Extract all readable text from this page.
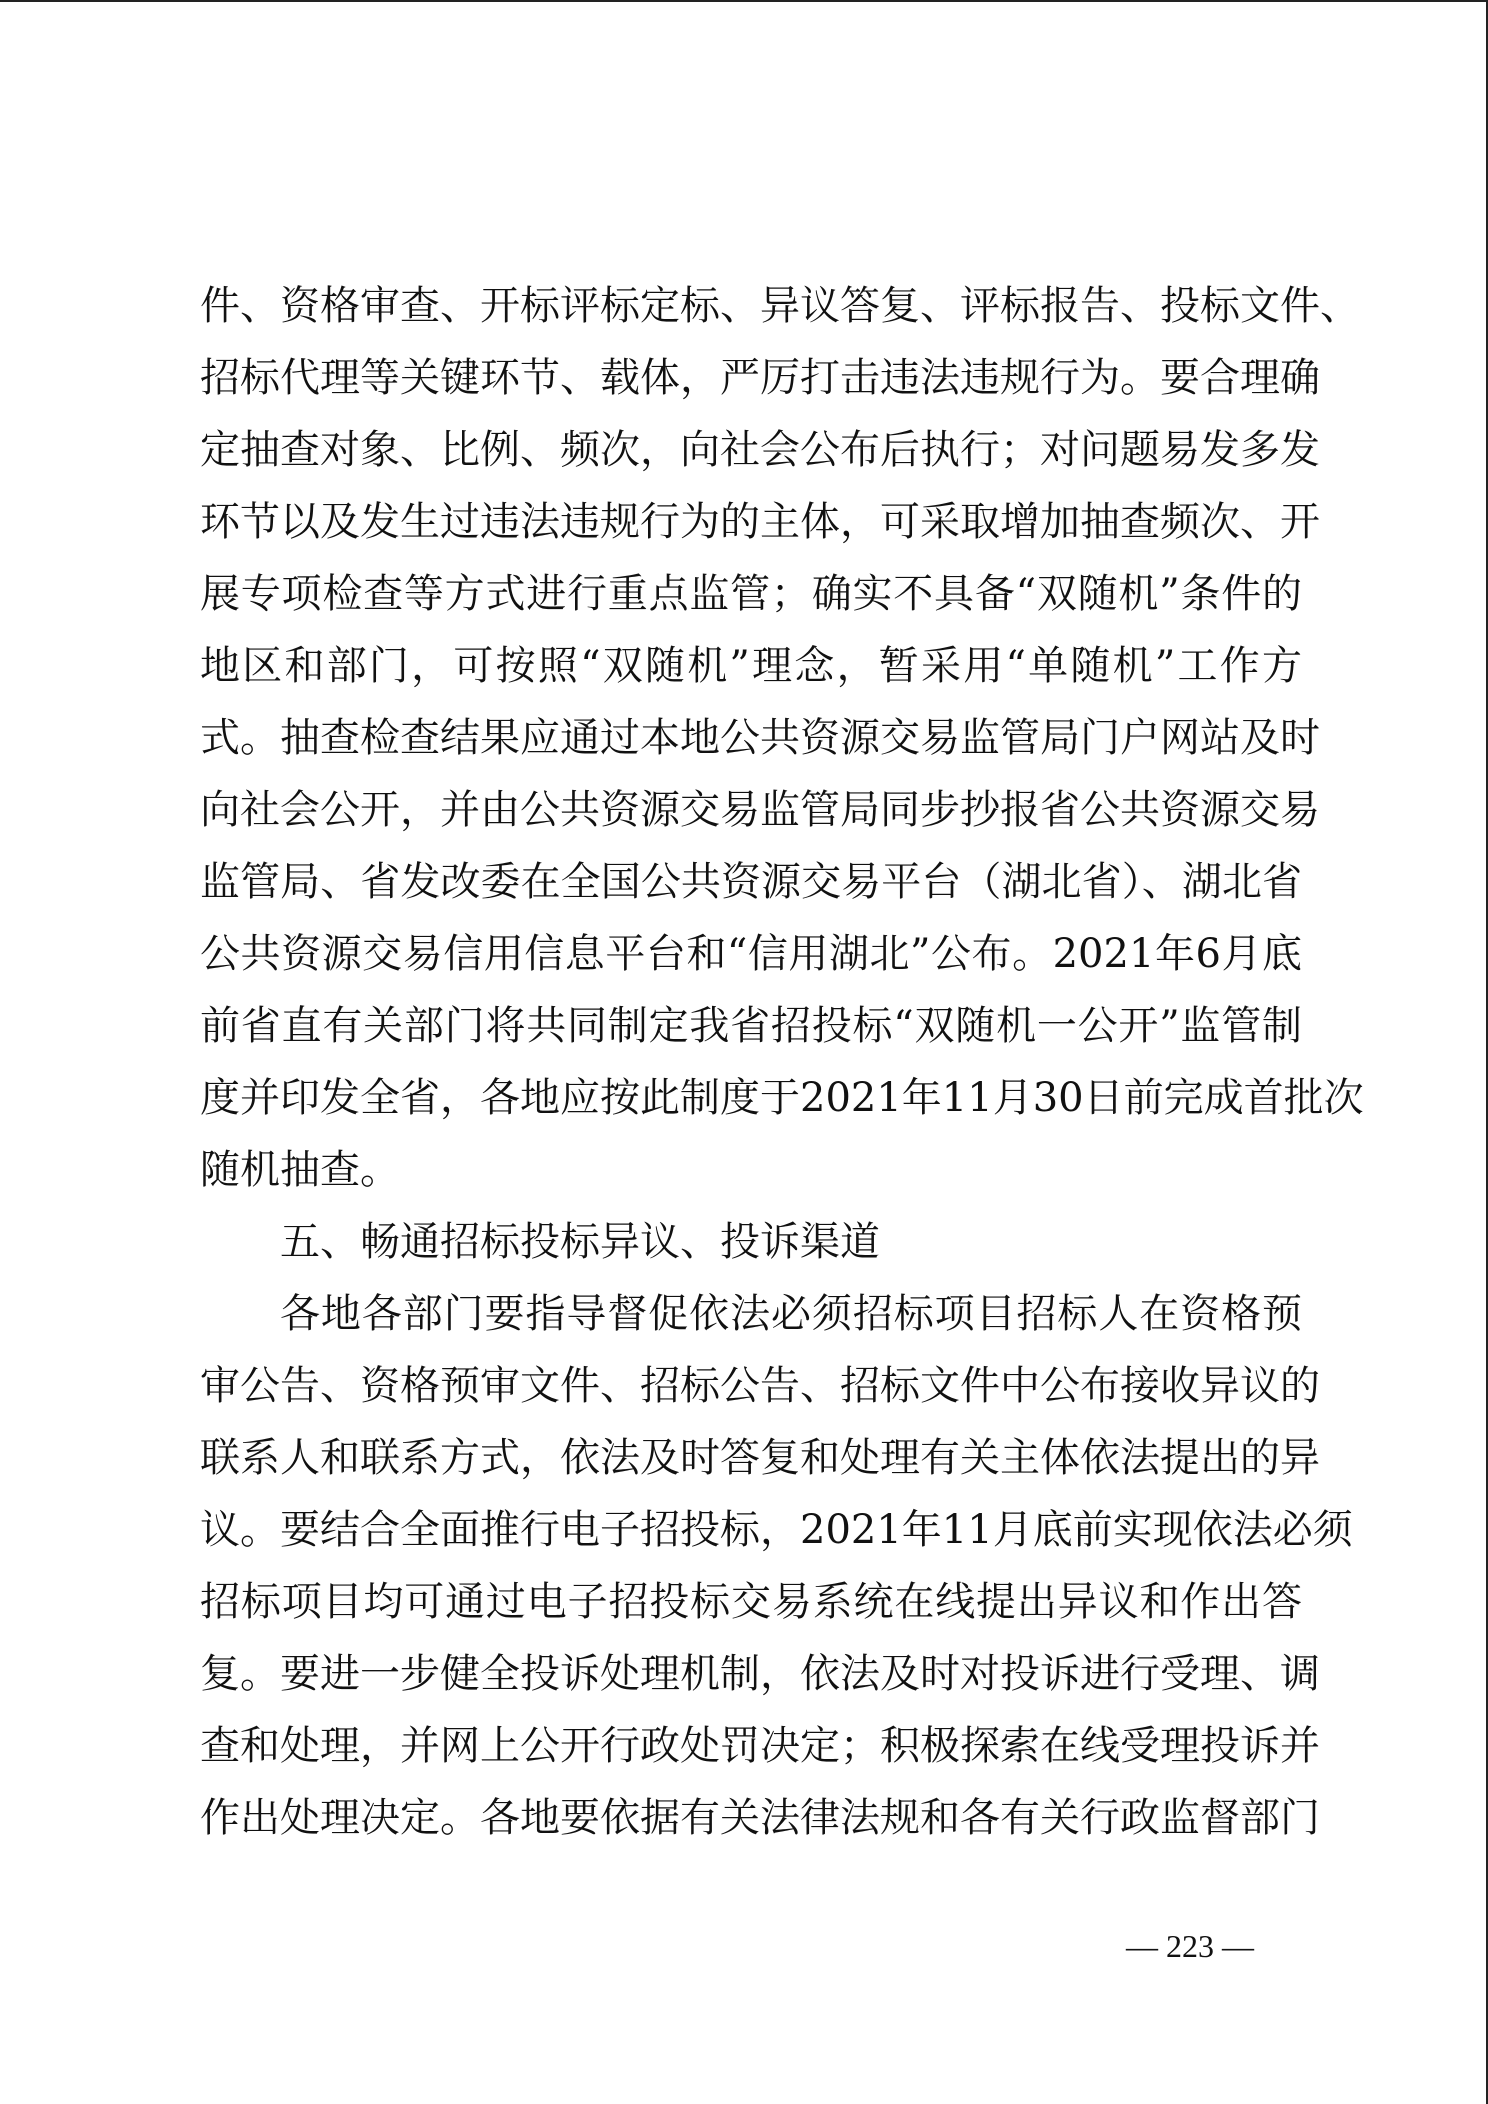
件、资格审查、开标评标定标、异议答复、评标报告、投标文件、
招标代理等关键环节、载体，严厉打击违法违规行为。要合理确
定抽查对象、比例、频次，向社会公布后执行；对问题易发多发
环节以及发生过违法违规行为的主体，可采取增加抽查频次、开
展专项检查等方式进行重点监管；确实不具备“双随机”条件的
地区和部门，可按照“双随机”理念，暂采用“单随机”工作方
式。抽查检查结果应通过本地公共资源交易监管局门户网站及时
向社会公开，并由公共资源交易监管局同步抄报省公共资源交易
监管局、省发改委在全国公共资源交易平台（湖北省）、湖北省
公共资源交易信用信息平台和“信用湖北”公布。2021年6月底
前省直有关部门将共同制定我省招投标“双随机一公开”监管制
度并印发全省，各地应按此制度于2021年11月30日前完成首批次
随机抽查。
五、畅通招标投标异议、投诉渠道
各地各部门要指导督促依法必须招标项目招标人在资格预
审公告、资格预审文件、招标公告、招标文件中公布接收异议的
联系人和联系方式，依法及时答复和处理有关主体依法提出的异
议。要结合全面推行电子招投标，2021年11月底前实现依法必须
招标项目均可通过电子招投标交易系统在线提出异议和作出答
复。要进一步健全投诉处理机制，依法及时对投诉进行受理、调
查和处理，并网上公开行政处罚决定；积极探索在线受理投诉并
作出处理决定。各地要依据有关法律法规和各有关行政监督部门
— 223 —
